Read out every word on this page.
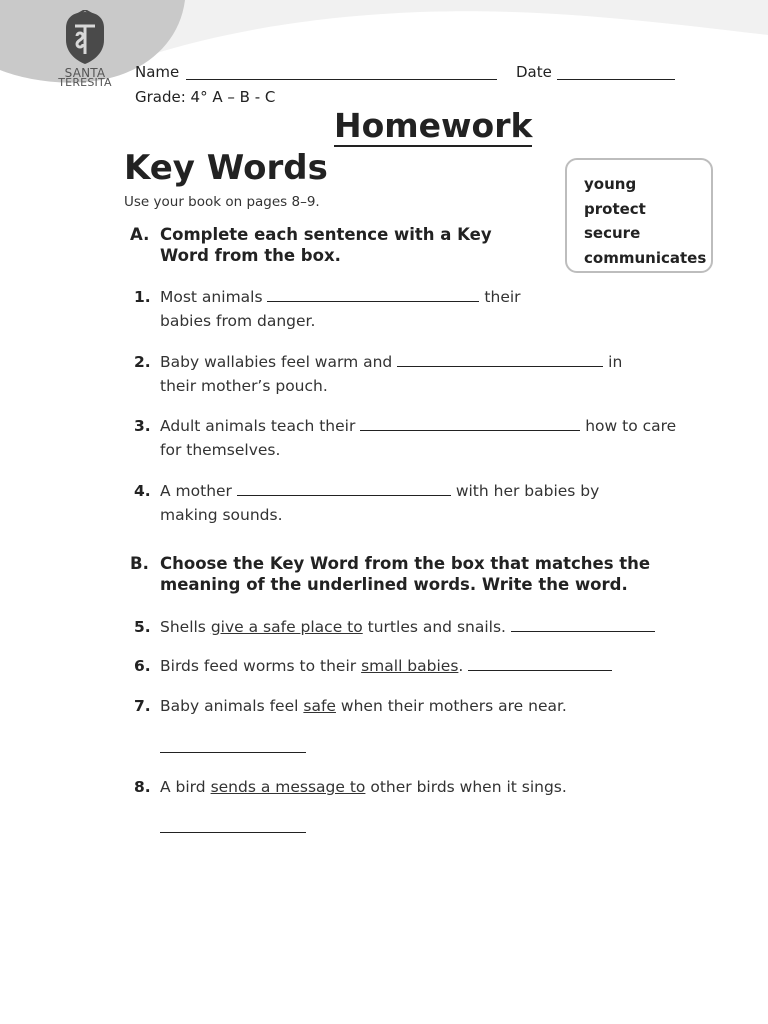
SANTA
TERESITA
Name	Date
Grade: 4° A – B - C
Homework
Key Words
Use your book on pages 8–9.
young
protect
secure
communicates
A. Complete each sentence with a Key Word from the box.
1. Most animals	their
babies from danger.
2. Baby wallabies feel warm and	in
their mother’s pouch.
3. Adult animals teach their	how to care
for themselves.
4. A mother	with her babies by
making sounds.
B. Choose the Key Word from the box that matches the meaning of the underlined words. Write the word.
5. Shells give a safe place to turtles and snails.
6. Birds feed worms to their small babies.
7. Baby animals feel safe when their mothers are near.
8. A bird sends a message to other birds when it sings.
